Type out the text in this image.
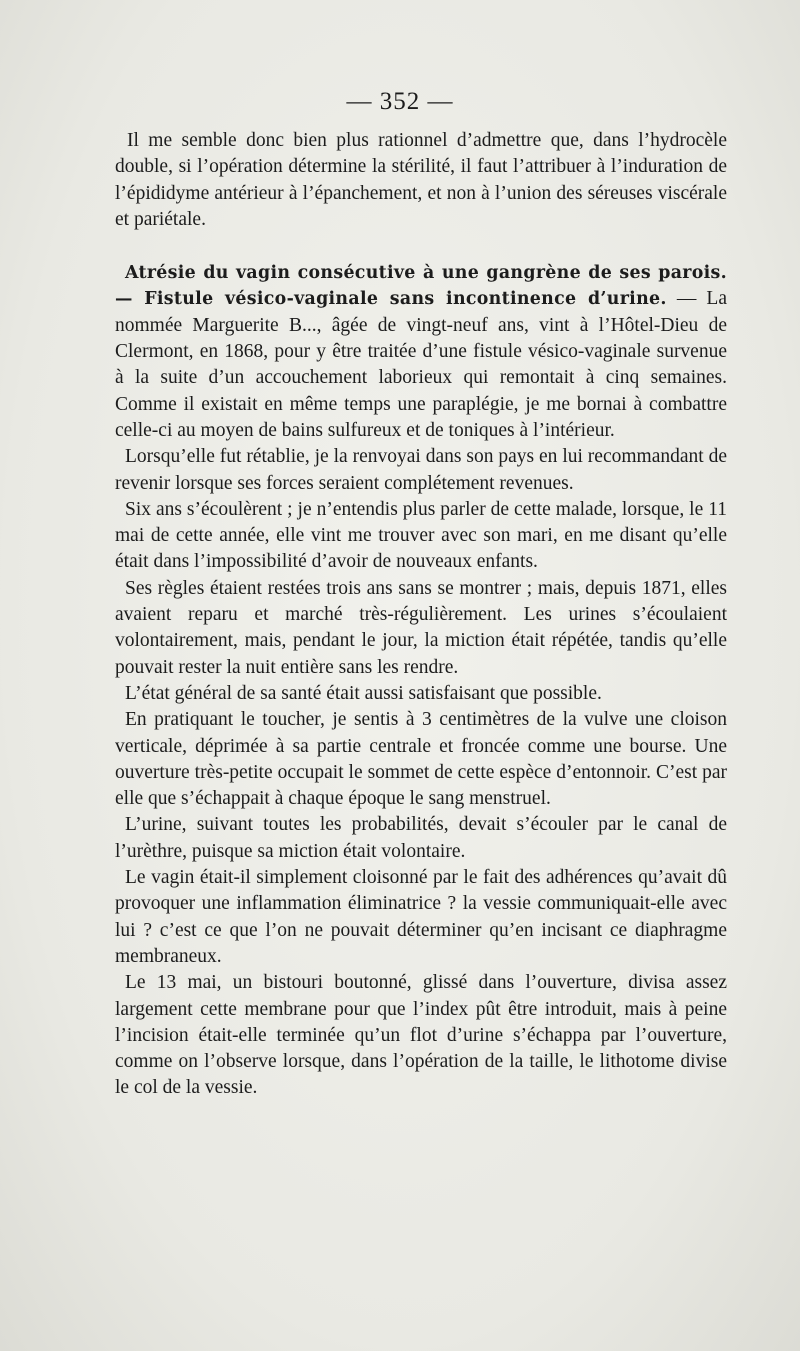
— 352 —

Il me semble donc bien plus rationnel d’admettre que, dans l’hydrocèle double, si l’opération détermine la stérilité, il faut l’attribuer à l’induration de l’épididyme antérieur à l’épanchement, et non à l’union des séreuses viscérale et pariétale.

Atrésie du vagin consécutive à une gangrène de ses parois. — Fistule vésico-vaginale sans incontinence d’urine. — La nommée Marguerite B..., âgée de vingt-neuf ans, vint à l’Hôtel-Dieu de Clermont, en 1868, pour y être traitée d’une fistule vésico-vaginale survenue à la suite d’un accouchement laborieux qui remontait à cinq semaines. Comme il existait en même temps une paraplégie, je me bornai à combattre celle-ci au moyen de bains sulfureux et de toniques à l’intérieur.

Lorsqu’elle fut rétablie, je la renvoyai dans son pays en lui recommandant de revenir lorsque ses forces seraient complétement revenues.

Six ans s’écoulèrent ; je n’entendis plus parler de cette malade, lorsque, le 11 mai de cette année, elle vint me trouver avec son mari, en me disant qu’elle était dans l’impossibilité d’avoir de nouveaux enfants.

Ses règles étaient restées trois ans sans se montrer ; mais, depuis 1871, elles avaient reparu et marché très-régulièrement. Les urines s’écoulaient volontairement, mais, pendant le jour, la miction était répétée, tandis qu’elle pouvait rester la nuit entière sans les rendre.

L’état général de sa santé était aussi satisfaisant que possible.

En pratiquant le toucher, je sentis à 3 centimètres de la vulve une cloison verticale, déprimée à sa partie centrale et froncée comme une bourse. Une ouverture très-petite occupait le sommet de cette espèce d’entonnoir. C’est par elle que s’échappait à chaque époque le sang menstruel.

L’urine, suivant toutes les probabilités, devait s’écouler par le canal de l’urèthre, puisque sa miction était volontaire.

Le vagin était-il simplement cloisonné par le fait des adhérences qu’avait dû provoquer une inflammation éliminatrice ? la vessie communiquait-elle avec lui ? c’est ce que l’on ne pouvait déterminer qu’en incisant ce diaphragme membraneux.

Le 13 mai, un bistouri boutonné, glissé dans l’ouverture, divisa assez largement cette membrane pour que l’index pût être introduit, mais à peine l’incision était-elle terminée qu’un flot d’urine s’échappa par l’ouverture, comme on l’observe lorsque, dans l’opération de la taille, le lithotome divise le col de la vessie.
